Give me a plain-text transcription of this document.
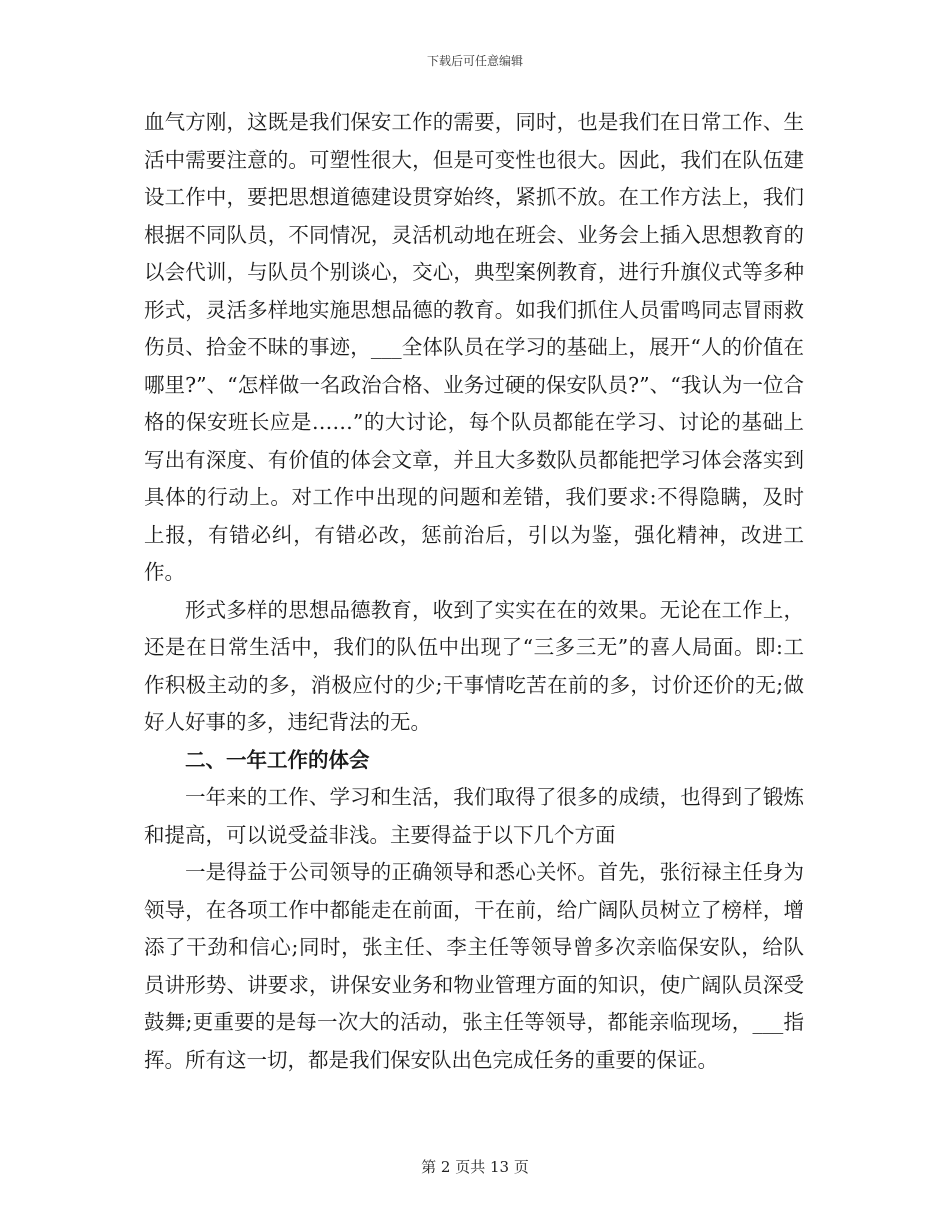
下载后可任意编辑

血气方刚，这既是我们保安工作的需要，同时，也是我们在日常工作、生活中需要注意的。可塑性很大，但是可变性也很大。因此，我们在队伍建设工作中，要把思想道德建设贯穿始终，紧抓不放。在工作方法上，我们根据不同队员，不同情况，灵活机动地在班会、业务会上插入思想教育的以会代训，与队员个别谈心，交心，典型案例教育，进行升旗仪式等多种形式，灵活多样地实施思想品德的教育。如我们抓住人员雷鸣同志冒雨救伤员、拾金不昧的事迹，___全体队员在学习的基础上，展开“人的价值在哪里?”、“怎样做一名政治合格、业务过硬的保安队员?”、“我认为一位合格的保安班长应是……”的大讨论，每个队员都能在学习、讨论的基础上写出有深度、有价值的体会文章，并且大多数队员都能把学习体会落实到具体的行动上。对工作中出现的问题和差错，我们要求:不得隐瞒，及时上报，有错必纠，有错必改，惩前治后，引以为鉴，强化精神，改进工作。

形式多样的思想品德教育，收到了实实在在的效果。无论在工作上，还是在日常生活中，我们的队伍中出现了“三多三无”的喜人局面。即:工作积极主动的多，消极应付的少;干事情吃苦在前的多，讨价还价的无;做好人好事的多，违纪背法的无。

二、一年工作的体会

一年来的工作、学习和生活，我们取得了很多的成绩，也得到了锻炼和提高，可以说受益非浅。主要得益于以下几个方面

一是得益于公司领导的正确领导和悉心关怀。首先，张衍禄主任身为领导，在各项工作中都能走在前面，干在前，给广阔队员树立了榜样，增添了干劲和信心;同时，张主任、李主任等领导曾多次亲临保安队，给队员讲形势、讲要求，讲保安业务和物业管理方面的知识，使广阔队员深受鼓舞;更重要的是每一次大的活动，张主任等领导，都能亲临现场，___指挥。所有这一切，都是我们保安队出色完成任务的重要的保证。

第 2 页共 13 页
